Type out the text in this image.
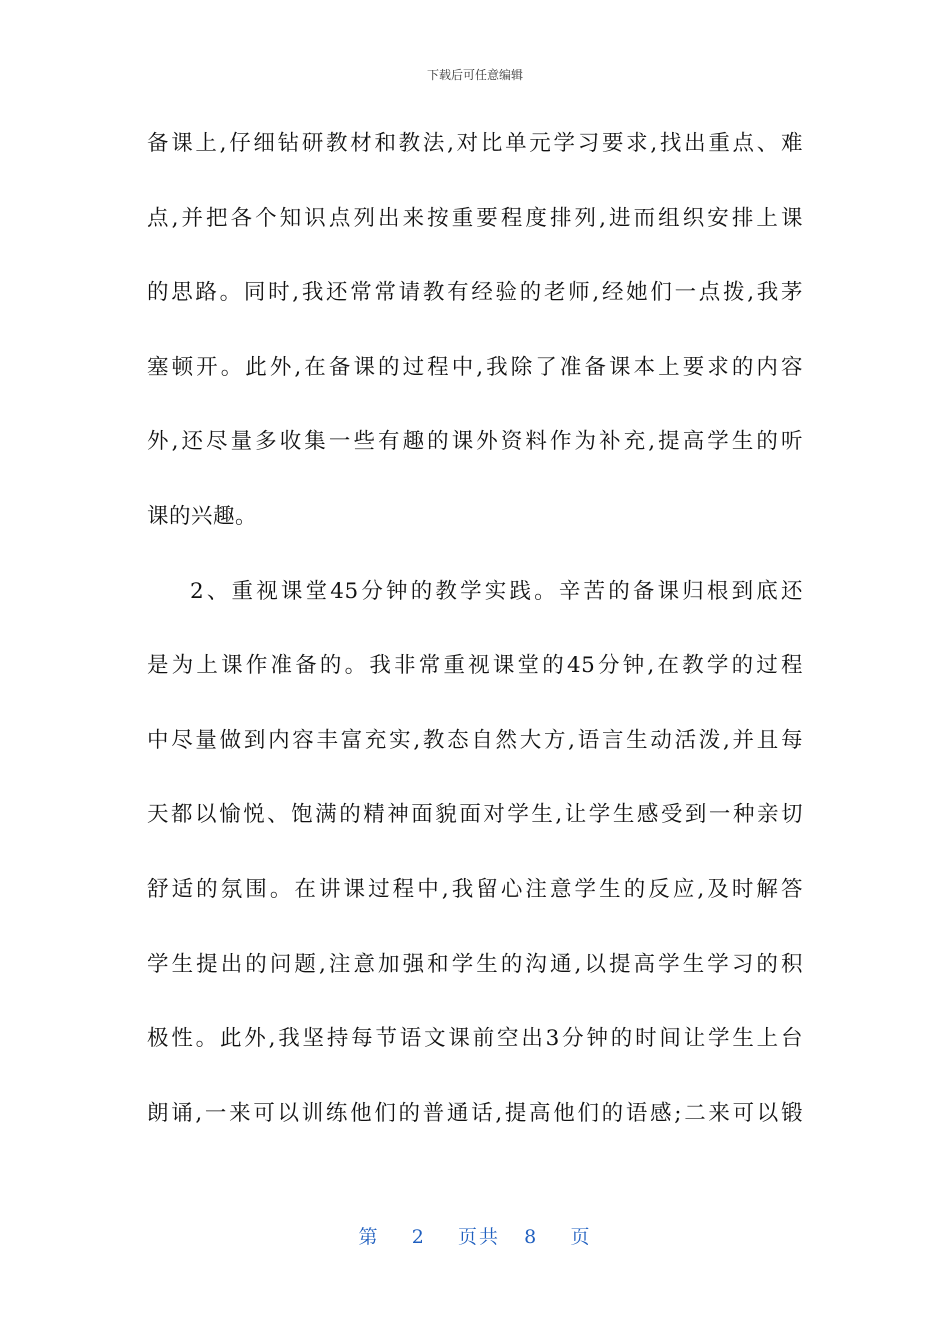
下载后可任意编辑
备课上,仔细钻研教材和教法,对比单元学习要求,找出重点、难
点,并把各个知识点列出来按重要程度排列,进而组织安排上课
的思路。同时,我还常常请教有经验的老师,经她们一点拨,我茅
塞顿开。此外,在备课的过程中,我除了准备课本上要求的内容
外,还尽量多收集一些有趣的课外资料作为补充,提高学生的听
课的兴趣。
2、重视课堂45分钟的教学实践。辛苦的备课归根到底还
是为上课作准备的。我非常重视课堂的45分钟,在教学的过程
中尽量做到内容丰富充实,教态自然大方,语言生动活泼,并且每
天都以愉悦、饱满的精神面貌面对学生,让学生感受到一种亲切
舒适的氛围。在讲课过程中,我留心注意学生的反应,及时解答
学生提出的问题,注意加强和学生的沟通,以提高学生学习的积
极性。此外,我坚持每节语文课前空出3分钟的时间让学生上台
朗诵,一来可以训练他们的普通话,提高他们的语感;二来可以锻
第 2 页共 8 页
